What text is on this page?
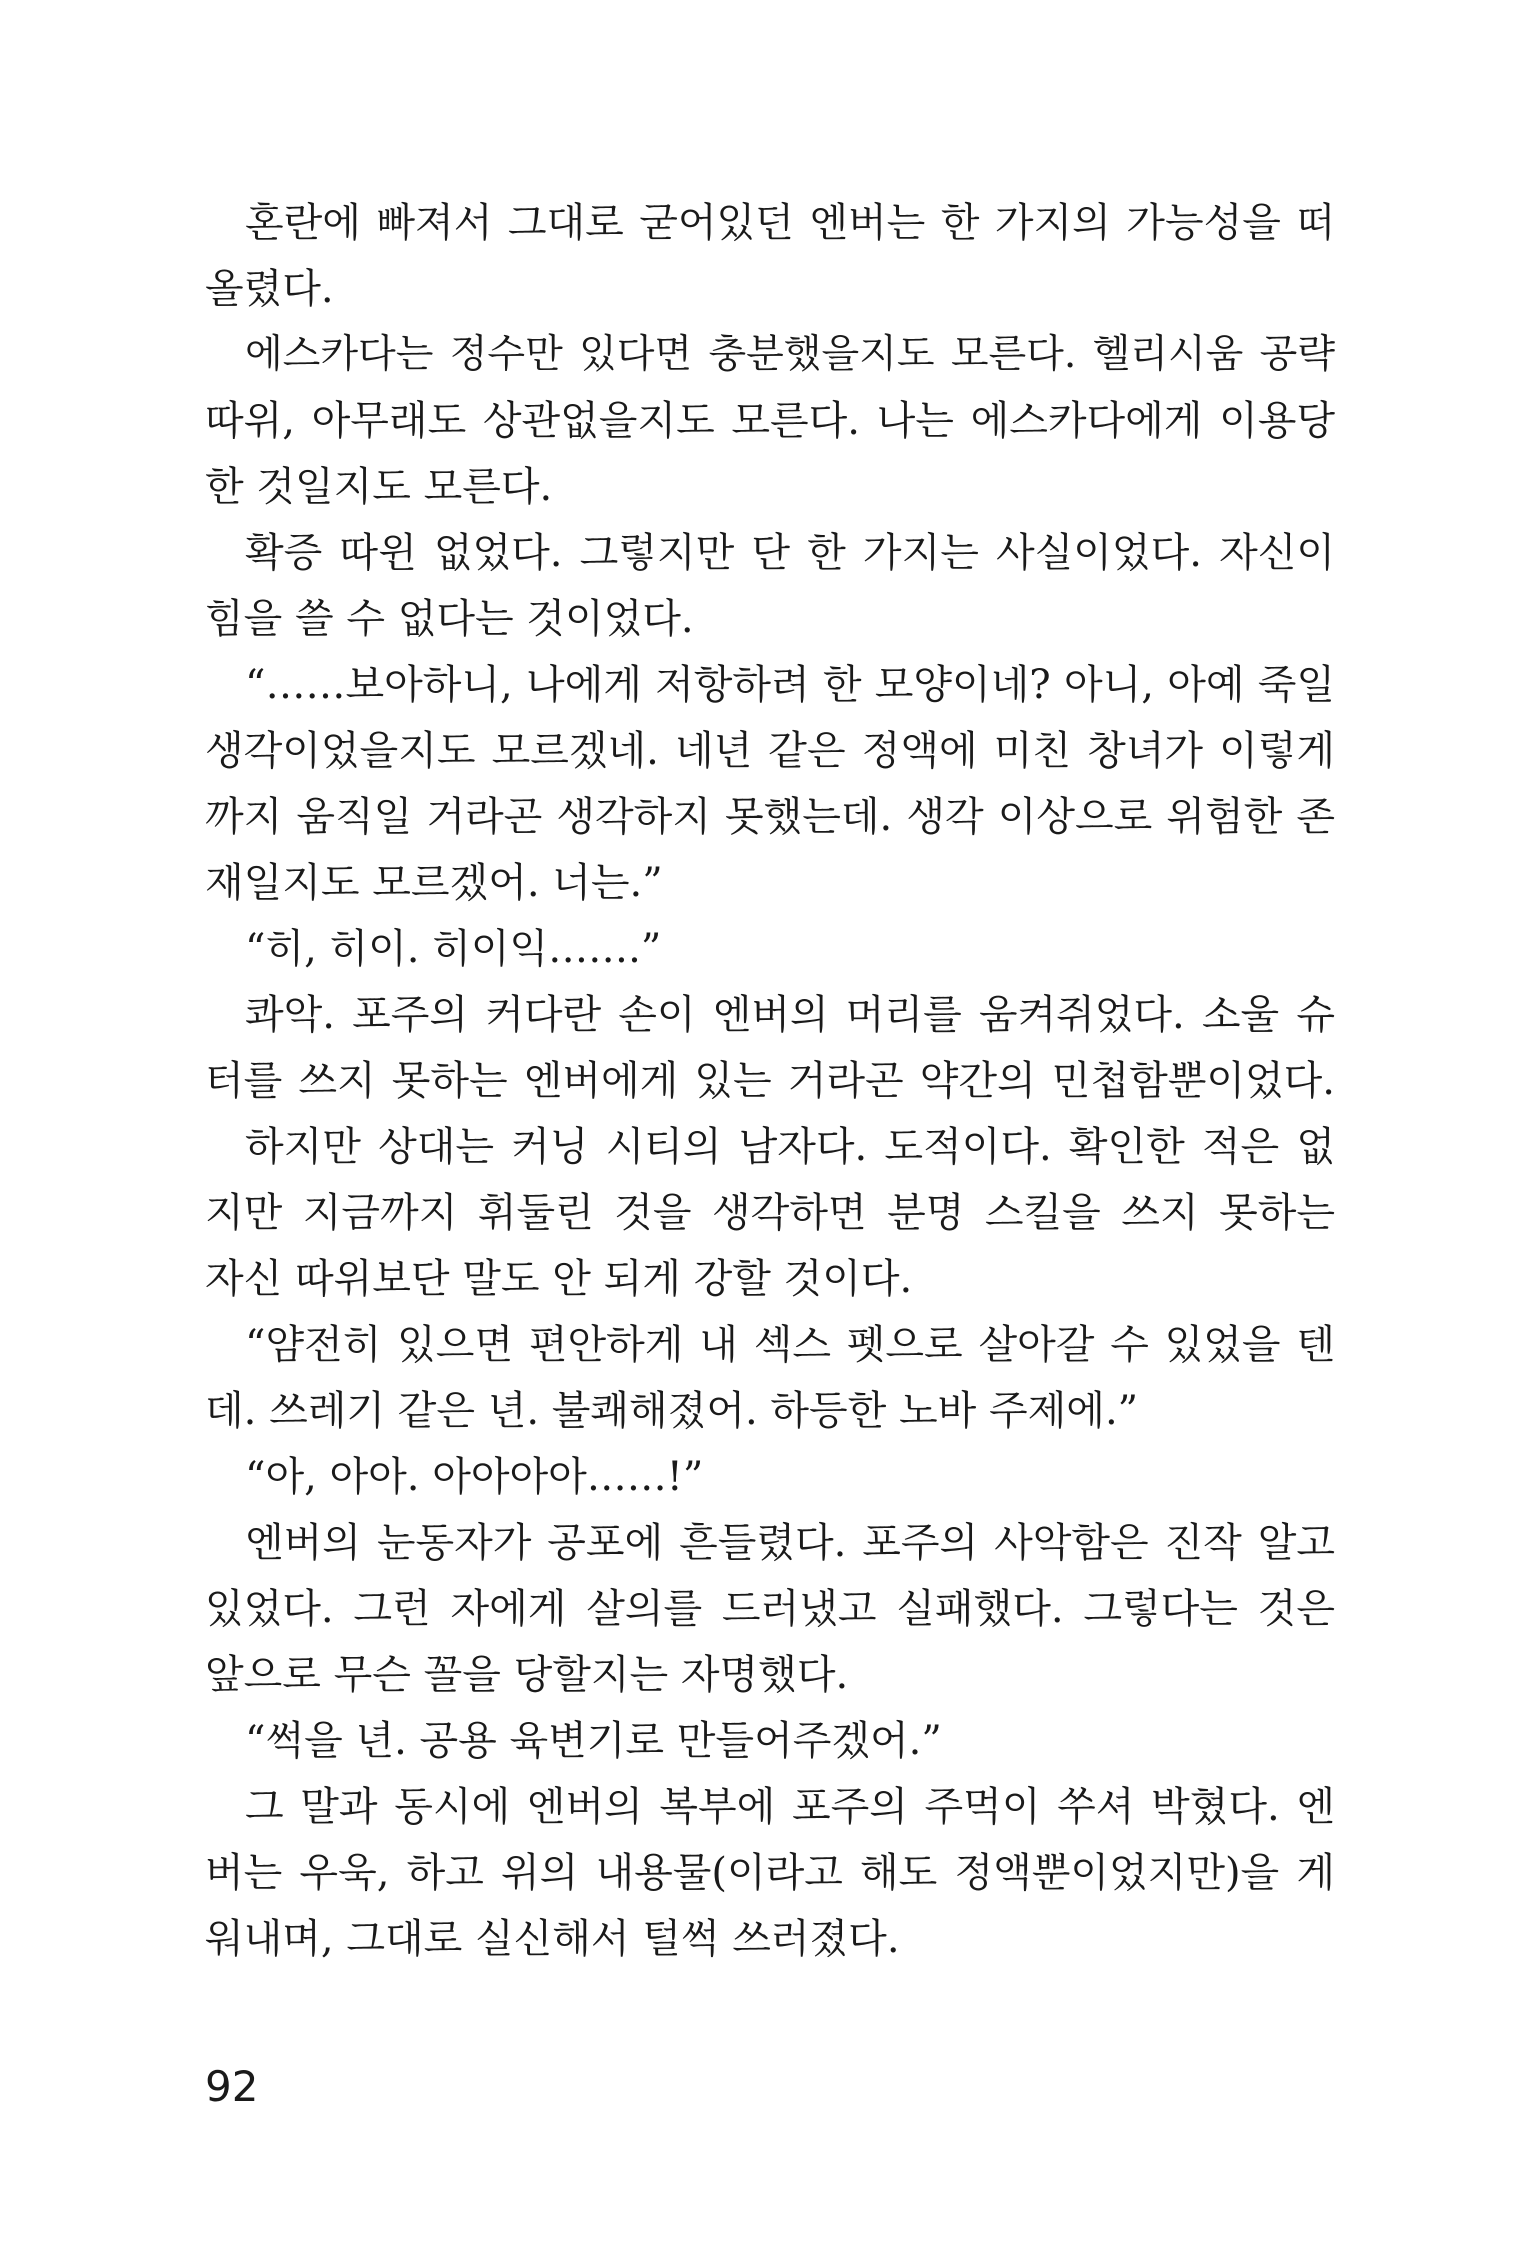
혼란에 빠져서 그대로 굳어있던 엔버는 한 가지의 가능성을 떠
올렸다.
에스카다는 정수만 있다면 충분했을지도 모른다. 헬리시움 공략
따위, 아무래도 상관없을지도 모른다. 나는 에스카다에게 이용당
한 것일지도 모른다.
확증 따윈 없었다. 그렇지만 단 한 가지는 사실이었다. 자신이
힘을 쓸 수 없다는 것이었다.
“……보아하니, 나에게 저항하려 한 모양이네? 아니, 아예 죽일
생각이었을지도 모르겠네. 네년 같은 정액에 미친 창녀가 이렇게
까지 움직일 거라곤 생각하지 못했는데. 생각 이상으로 위험한 존
재일지도 모르겠어. 너는.”
“히, 히이. 히이익…….”
콰악. 포주의 커다란 손이 엔버의 머리를 움켜쥐었다. 소울 슈
터를 쓰지 못하는 엔버에게 있는 거라곤 약간의 민첩함뿐이었다.
하지만 상대는 커닝 시티의 남자다. 도적이다. 확인한 적은 없
지만 지금까지 휘둘린 것을 생각하면 분명 스킬을 쓰지 못하는
자신 따위보단 말도 안 되게 강할 것이다.
“얌전히 있으면 편안하게 내 섹스 펫으로 살아갈 수 있었을 텐
데. 쓰레기 같은 년. 불쾌해졌어. 하등한 노바 주제에.”
“아, 아아. 아아아아……!”
엔버의 눈동자가 공포에 흔들렸다. 포주의 사악함은 진작 알고
있었다. 그런 자에게 살의를 드러냈고 실패했다. 그렇다는 것은
앞으로 무슨 꼴을 당할지는 자명했다.
“썩을 년. 공용 육변기로 만들어주겠어.”
그 말과 동시에 엔버의 복부에 포주의 주먹이 쑤셔 박혔다. 엔
버는 우욱, 하고 위의 내용물(이라고 해도 정액뿐이었지만)을 게
워내며, 그대로 실신해서 털썩 쓰러졌다.
92
